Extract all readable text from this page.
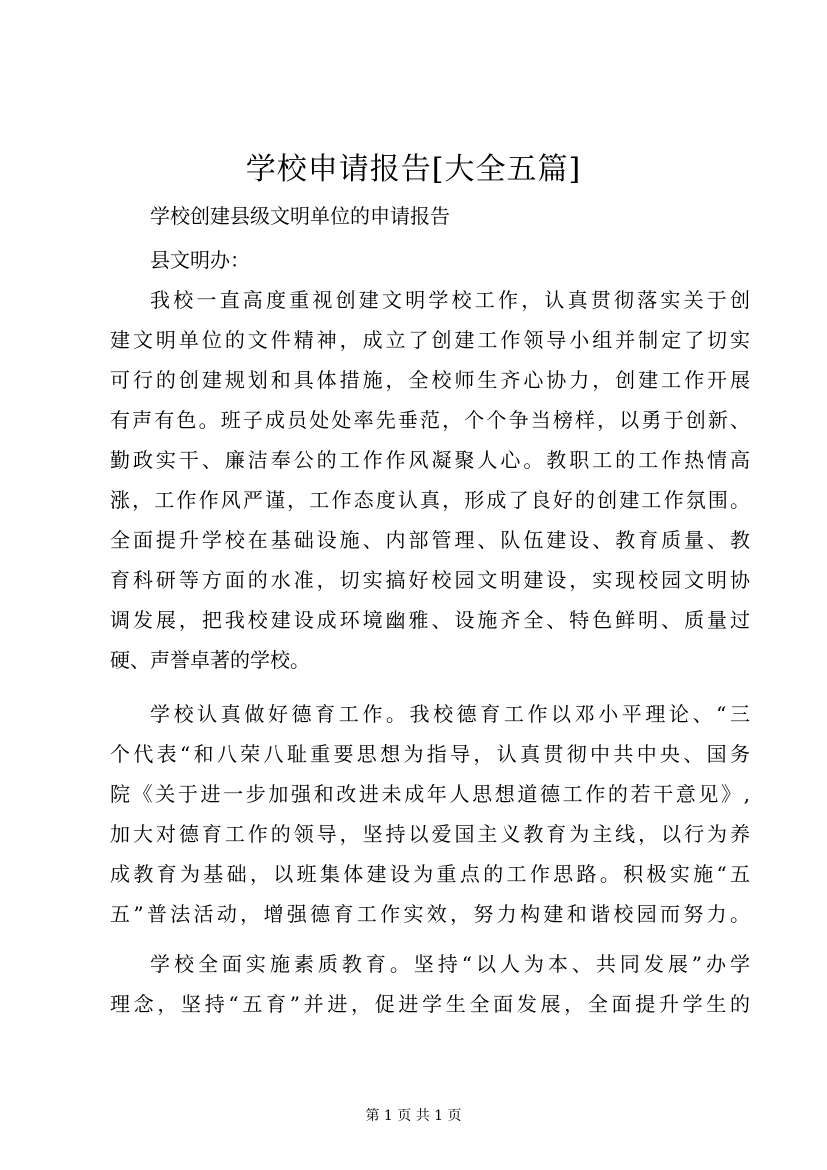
学校申请报告[大全五篇]
学校创建县级文明单位的申请报告
县文明办：
我校一直高度重视创建文明学校工作，认真贯彻落实关于创
建文明单位的文件精神，成立了创建工作领导小组并制定了切实
可行的创建规划和具体措施，全校师生齐心协力，创建工作开展
有声有色。班子成员处处率先垂范，个个争当榜样，以勇于创新、
勤政实干、廉洁奉公的工作作风凝聚人心。教职工的工作热情高
涨，工作作风严谨，工作态度认真，形成了良好的创建工作氛围。
全面提升学校在基础设施、内部管理、队伍建设、教育质量、教
育科研等方面的水准，切实搞好校园文明建设，实现校园文明协
调发展，把我校建设成环境幽雅、设施齐全、特色鲜明、质量过
硬、声誉卓著的学校。
学校认真做好德育工作。我校德育工作以邓小平理论、“三
个代表“和八荣八耻重要思想为指导，认真贯彻中共中央、国务
院《关于进一步加强和改进未成年人思想道德工作的若干意见》,
加大对德育工作的领导，坚持以爱国主义教育为主线，以行为养
成教育为基础，以班集体建设为重点的工作思路。积极实施“五
五”普法活动，增强德育工作实效，努力构建和谐校园而努力。
学校全面实施素质教育。坚持“以人为本、共同发展”办学
理念，坚持“五育”并进，促进学生全面发展，全面提升学生的
第 1 页 共 1 页
